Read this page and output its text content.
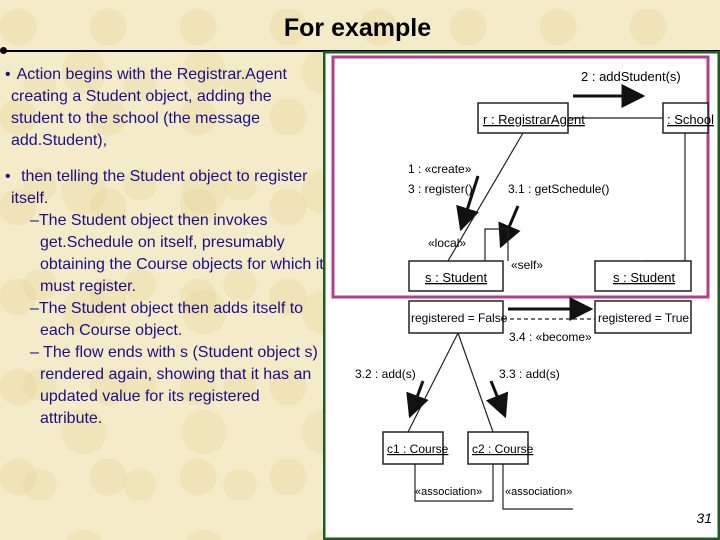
For example
• Action begins with the Registrar.Agent creating a Student object, adding the student to the school (the message add.Student),
• then telling the Student object to register itself.

–The Student object then invokes get.Schedule on itself, presumably obtaining the Course objects for which it must register.

–The Student object then adds itself to each Course object.

– The flow ends with s (Student object s) rendered again, showing that it has an updated value for its registered attribute.

2 : addStudent(s)
r : RegistrarAgent	: School
1 : «create»
3 : register()	3.1 : getSchedule()
«local»
«self»
s : Student
registered = False
s : Student
registered = True
3.4 : «become»
3.2 : add(s)	3.3 : add(s)
c1 : Course c2 : Course
«association» «association»
31
